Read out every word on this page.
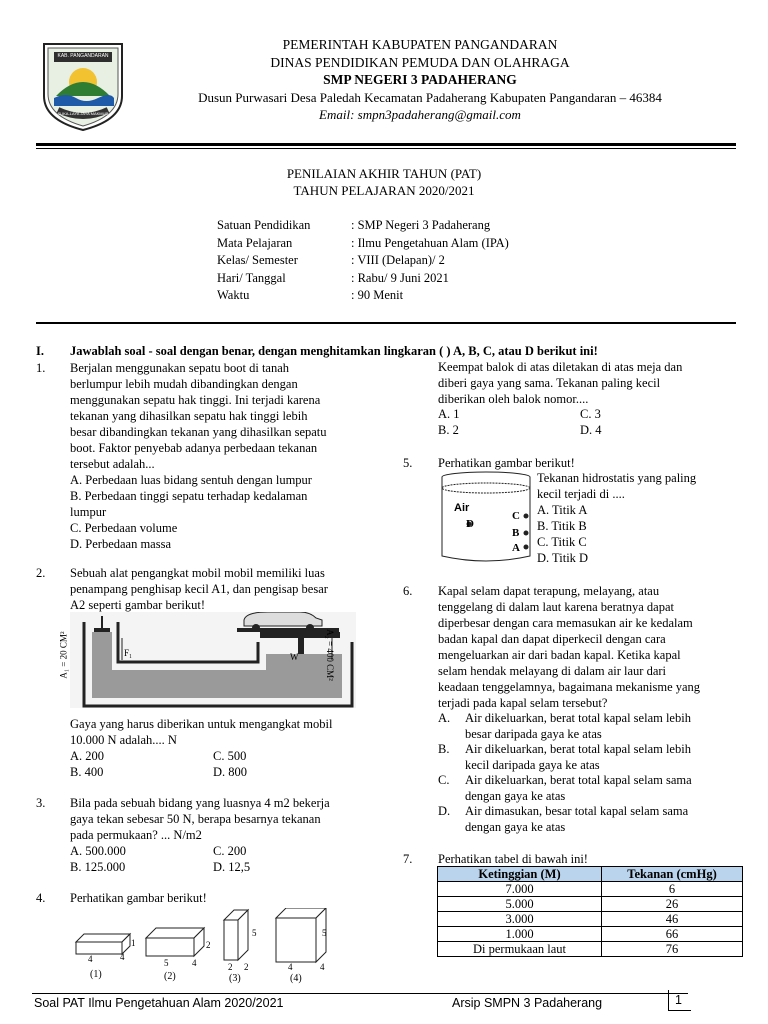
KAB. PANGANDARAN
SUKA-LAYA JAYA MAKMUR
PEMERINTAH KABUPATEN PANGANDARAN
DINAS PENDIDIKAN PEMUDA DAN OLAHRAGA
SMP NEGERI 3 PADAHERANG
Dusun Purwasari Desa Paledah Kecamatan Padaherang Kabupaten Pangandaran – 46384
Email: smpn3padaherang@gmail.com
PENILAIAN AKHIR TAHUN (PAT)
TAHUN PELAJARAN 2020/2021
Satuan Pendidikan	: SMP Negeri 3 Padaherang
Mata Pelajaran	: Ilmu Pengetahuan Alam (IPA)
Kelas/ Semester	: VIII (Delapan)/ 2
Hari/ Tanggal	: Rabu/ 9 Juni 2021
Waktu	: 90 Menit
I. Jawablah soal - soal dengan benar, dengan menghitamkan lingkaran ( ) A, B, C, atau D berikut ini!
1. Berjalan menggunakan sepatu boot di tanah
berlumpur lebih mudah dibandingkan dengan
menggunakan sepatu hak tinggi. Ini terjadi karena
tekanan yang dihasilkan sepatu hak tinggi lebih
besar dibandingkan tekanan yang dihasilkan sepatu
boot. Faktor penyebab adanya perbedaan tekanan
tersebut adalah...
A. Perbedaan luas bidang sentuh dengan lumpur
B. Perbedaan tinggi sepatu terhadap kedalaman
lumpur
C. Perbedaan volume
D. Perbedaan massa
2. Sebuah alat pengangkat mobil mobil memiliki luas
penampang penghisap kecil A1, dan pengisap besar
A2 seperti gambar berikut!
A₁ = 20 CM²	A₂ = 400 CM²
F₁	W
Gaya yang harus diberikan untuk mengangkat mobil
10.000 N adalah.... N
A. 200	C. 500
B. 400	D. 800
3. Bila pada sebuah bidang yang luasnya 4 m2 bekerja
gaya tekan sebesar 50 N, berapa besarnya tekanan
pada permukaan? ... N/m2
A. 500.000	C. 200
B. 125.000	D. 12,5
4. Perhatikan gambar berikut!
4
1
4
(1)
5
2
4
(2)
5
2 2
(3)
5
4	4
(4)
Keempat balok di atas diletakan di atas meja dan
diberi gaya yang sama. Tekanan paling kecil
diberikan oleh balok nomor....
A. 1	C. 3
B. 2	D. 4
5. Perhatikan gambar berikut!
Air
C
D
B
A
Tekanan hidrostatis yang paling
kecil terjadi di ....
A. Titik A
B. Titik B
C. Titik C
D. Titik D
6. Kapal selam dapat terapung, melayang, atau
tenggelang di dalam laut karena beratnya dapat
diperbesar dengan cara memasukan air ke kedalam
badan kapal dan dapat diperkecil dengan cara
mengeluarkan air dari badan kapal. Ketika kapal
selam hendak melayang di dalam air laur dari
keadaan tenggelamnya, bagaimana mekanisme yang
terjadi pada kapal selam tersebut?
A. Air dikeluarkan, berat total kapal selam lebih
besar daripada gaya ke atas
B. Air dikeluarkan, berat total kapal selam lebih
kecil daripada gaya ke atas
C. Air dikeluarkan, berat total kapal selam sama
dengan gaya ke atas
D. Air dimasukan, besar total kapal selam sama
dengan gaya ke atas
7. Perhatikan tabel di bawah ini!
Ketinggian (M)	Tekanan (cmHg)
7.000	6
5.000	26
3.000	46
1.000	66
Di permukaan laut	76
Soal PAT Ilmu Pengetahuan Alam 2020/2021	Arsip SMPN 3 Padaherang	1
